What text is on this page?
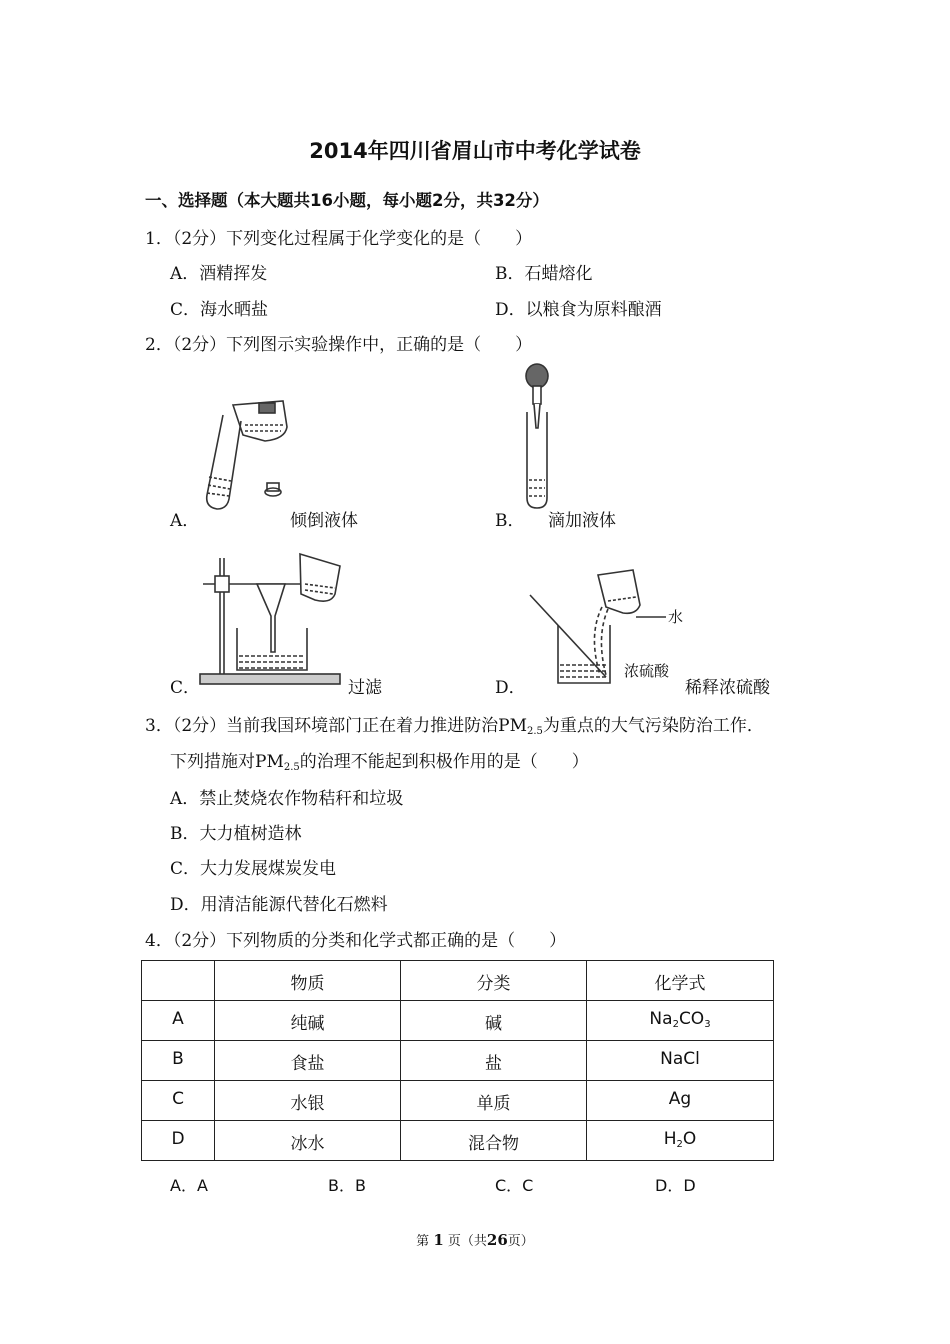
2014年四川省眉山市中考化学试卷
一、选择题（本大题共16小题，每小题2分，共32分）
1．（2分）下列变化过程属于化学变化的是（　　）
A．酒精挥发	B．石蜡熔化
C．海水晒盐	D．以粮食为原料酿酒
2．（2分）下列图示实验操作中，正确的是（　　）
A．	倾倒液体	B． 滴加液体
C．	过滤
水
浓硫酸
D．	稀释浓硫酸
3．（2分）当前我国环境部门正在着力推进防治$PM_{2.5}$为重点的大气污染防治工作．
下列措施对$PM_{2.5}$的治理不能起到积极作用的是（　　）
A．禁止焚烧农作物秸秆和垃圾
B．大力植树造林
C．大力发展煤炭发电
D．用清洁能源代替化石燃料
4．（2分）下列物质的分类和化学式都正确的是（　　）
	物质	分类	化学式
A	纯碱	碱	$Na_2CO_3$
B	食盐	盐	NaCl
C	水银	单质	Ag
D	冰水	混合物	$H_2O$
A．A	B．B	C．C	D．D
第 1 页（共26页）
